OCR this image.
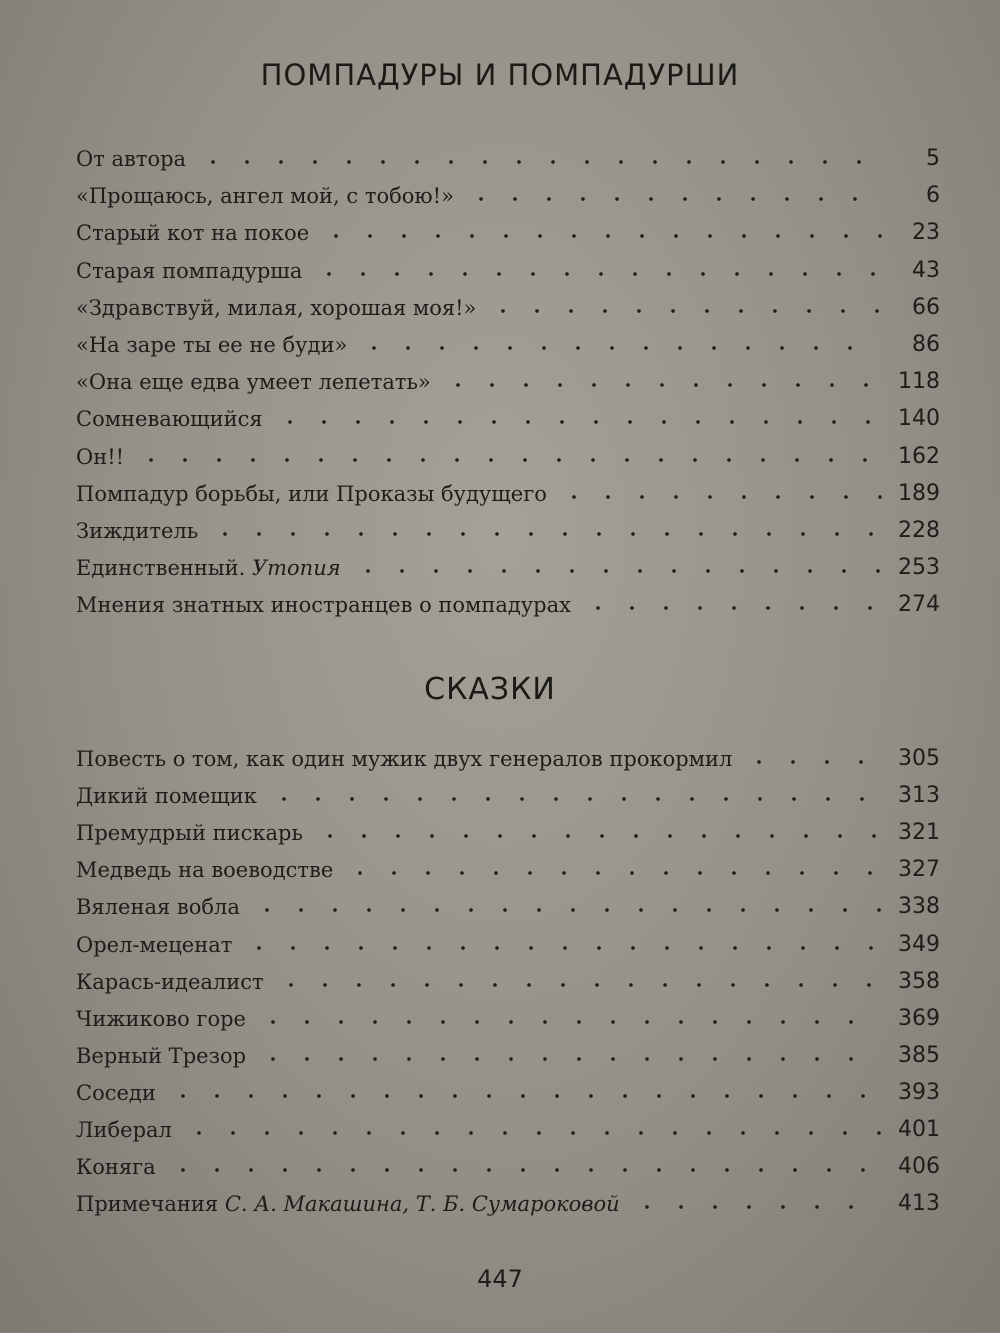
ПОМПАДУРЫ И ПОМПАДУРШИ
От автора	5
«Прощаюсь, ангел мой, с тобою!»	6
Старый кот на покое	23
Старая помпадурша	43
«Здравствуй, милая, хорошая моя!»	66
«На заре ты ее не буди»	86
«Она еще едва умеет лепетать»	118
Сомневающийся	140
Он!!	162
Помпадур борьбы, или Проказы будущего	189
Зиждитель	228
Единственный. Утопия	253
Мнения знатных иностранцев о помпадурах	274
СКАЗКИ
Повесть о том, как один мужик двух генералов прокормил	305
Дикий помещик	313
Премудрый пискарь	321
Медведь на воеводстве	327
Вяленая вобла	338
Орел-меценат	349
Карась-идеалист	358
Чижиково горе	369
Верный Трезор	385
Соседи	393
Либерал	401
Коняга	406
Примечания С. А. Макашина, Т. Б. Сумароковой	413
447
